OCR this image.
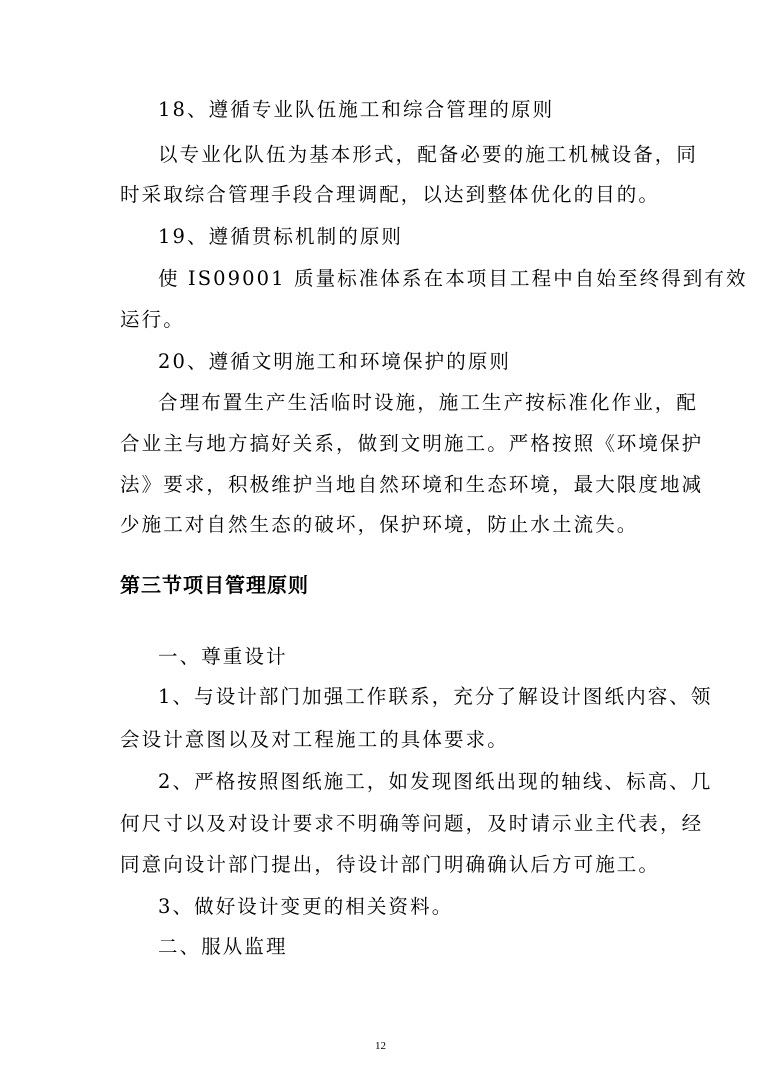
18、遵循专业队伍施工和综合管理的原则
以专业化队伍为基本形式，配备必要的施工机械设备，同
时采取综合管理手段合理调配，以达到整体优化的目的。
19、遵循贯标机制的原则
使 IS09001 质量标准体系在本项目工程中自始至终得到有效
运行。
20、遵循文明施工和环境保护的原则
合理布置生产生活临时设施，施工生产按标准化作业，配
合业主与地方搞好关系，做到文明施工。严格按照《环境保护
法》要求，积极维护当地自然环境和生态环境，最大限度地减
少施工对自然生态的破坏，保护环境，防止水土流失。
第三节项目管理原则
一、尊重设计
1、与设计部门加强工作联系，充分了解设计图纸内容、领
会设计意图以及对工程施工的具体要求。
2、严格按照图纸施工，如发现图纸出现的轴线、标高、几
何尺寸以及对设计要求不明确等问题，及时请示业主代表，经
同意向设计部门提出，待设计部门明确确认后方可施工。
3、做好设计变更的相关资料。
二、服从监理
12
